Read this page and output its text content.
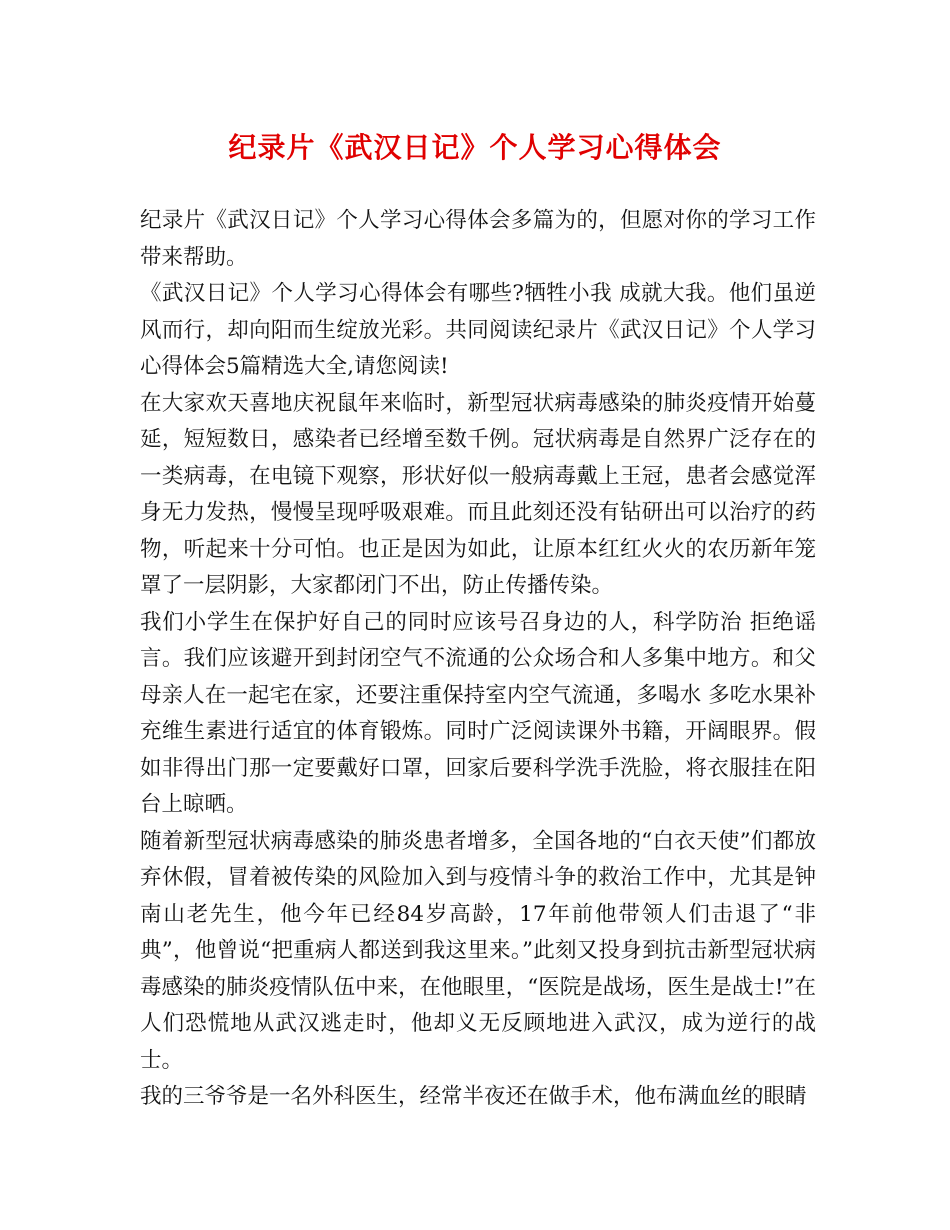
纪录片《武汉日记》个人学习心得体会

纪录片《武汉日记》个人学习心得体会多篇为的，但愿对你的学习工作带来帮助。

《武汉日记》个人学习心得体会有哪些?牺牲小我 成就大我。他们虽逆风而行，却向阳而生绽放光彩。共同阅读纪录片《武汉日记》个人学习心得体会5篇精选大全,请您阅读!

在大家欢天喜地庆祝鼠年来临时，新型冠状病毒感染的肺炎疫情开始蔓延，短短数日，感染者已经增至数千例。冠状病毒是自然界广泛存在的一类病毒，在电镜下观察，形状好似一般病毒戴上王冠，患者会感觉浑身无力发热，慢慢呈现呼吸艰难。而且此刻还没有钻研出可以治疗的药物，听起来十分可怕。也正是因为如此，让原本红红火火的农历新年笼罩了一层阴影，大家都闭门不出，防止传播传染。

我们小学生在保护好自己的同时应该号召身边的人，科学防治 拒绝谣言。我们应该避开到封闭空气不流通的公众场合和人多集中地方。和父母亲人在一起宅在家，还要注重保持室内空气流通，多喝水 多吃水果补充维生素进行适宜的体育锻炼。同时广泛阅读课外书籍，开阔眼界。假如非得出门那一定要戴好口罩，回家后要科学洗手洗脸，将衣服挂在阳台上晾晒。

随着新型冠状病毒感染的肺炎患者增多，全国各地的“白衣天使”们都放弃休假，冒着被传染的风险加入到与疫情斗争的救治工作中，尤其是钟南山老先生，他今年已经84岁高龄，17年前他带领人们击退了“非典”，他曾说“把重病人都送到我这里来。”此刻又投身到抗击新型冠状病毒感染的肺炎疫情队伍中来，在他眼里，“医院是战场，医生是战士!”在人们恐慌地从武汉逃走时，他却义无反顾地进入武汉，成为逆行的战士。

我的三爷爷是一名外科医生，经常半夜还在做手术，他布满血丝的眼睛
